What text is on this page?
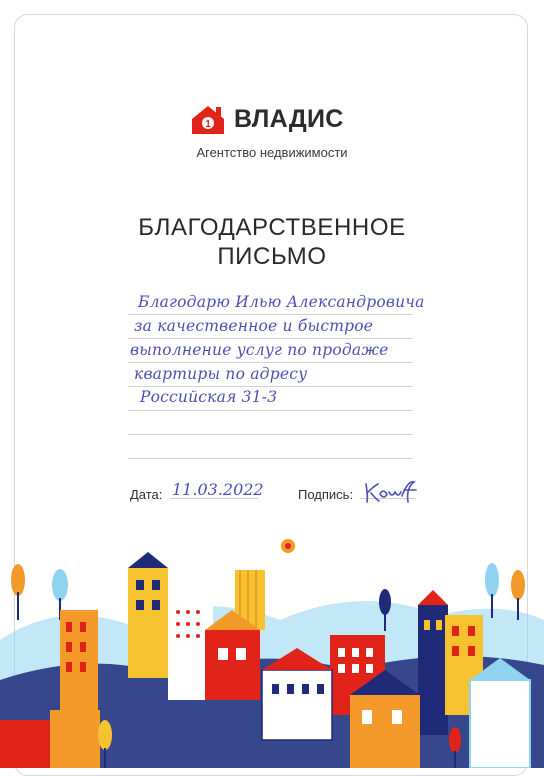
1 ВЛАДИС
Агентство недвижимости
БЛАГОДАРСТВЕННОЕ
ПИСЬМО
Благодарю Илью Александровича
за качественное и быстрое
выполнение услуг по продаже
квартиры по адресу
Российская 31-3
Дата: 11.03.2022	Подпись:
